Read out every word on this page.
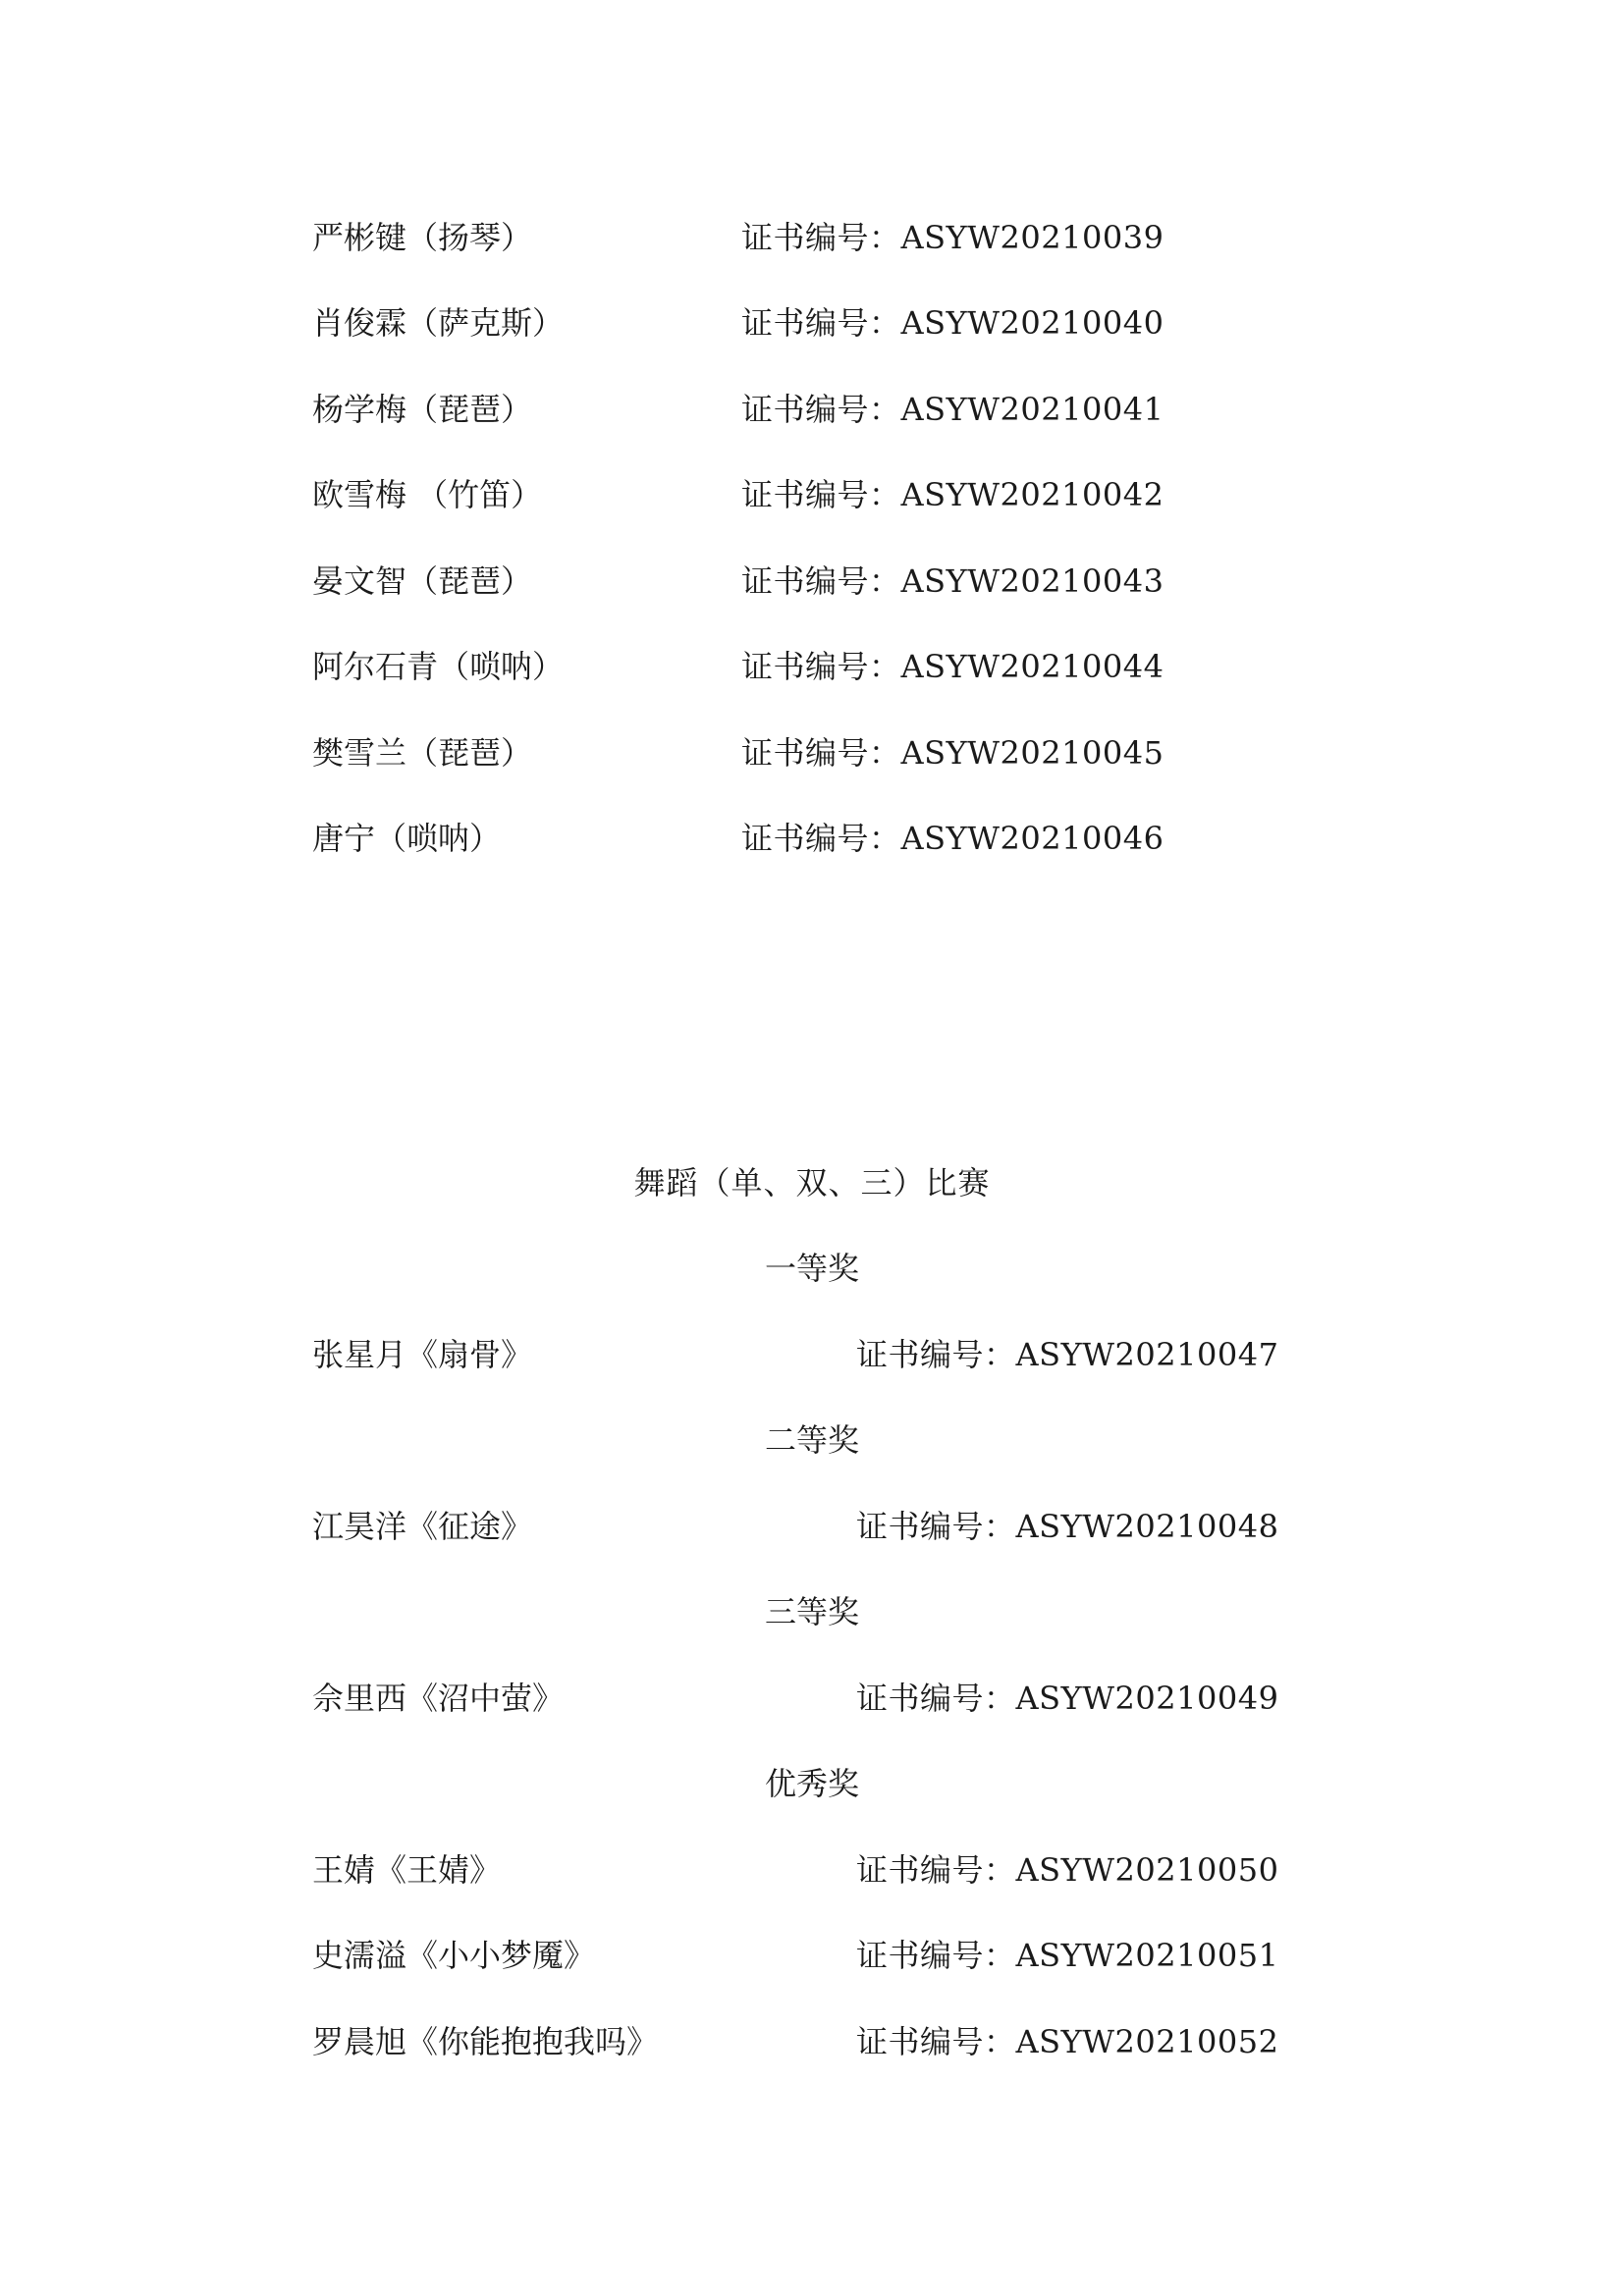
严彬键（扬琴）	证书编号：ASYW20210039
肖俊霖（萨克斯）	证书编号：ASYW20210040
杨学梅（琵琶）	证书编号：ASYW20210041
欧雪梅 （竹笛）	证书编号：ASYW20210042
晏文智（琵琶）	证书编号：ASYW20210043
阿尔石青（唢呐）	证书编号：ASYW20210044
樊雪兰（琵琶）	证书编号：ASYW20210045
唐宁（唢呐）	证书编号：ASYW20210046
舞蹈（单、双、三）比赛
一等奖
张星月《扇骨》	证书编号：ASYW20210047
二等奖
江昊洋《征途》	证书编号：ASYW20210048
三等奖
佘里西《沼中萤》	证书编号：ASYW20210049
优秀奖
王婧《王婧》	证书编号：ASYW20210050
史濡溢《小小梦魇》	证书编号：ASYW20210051
罗晨旭《你能抱抱我吗》	证书编号：ASYW20210052
